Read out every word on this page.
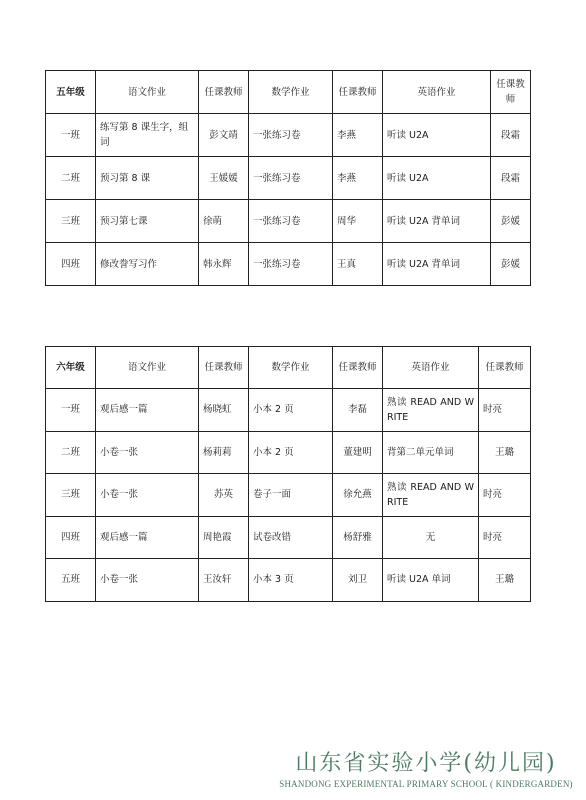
五年级	语文作业	任课教师	数学作业	任课教师	英语作业	任课教师
一班	练写第 8 课生字，组词	彭文靖	一张练习卷	李燕	听读 U2A	段霜
二班	预习第 8 课	王媛媛	一张练习卷	李燕	听读 U2A	段霜
三班	预习第七课	徐萌	一张练习卷	周华	听读 U2A 背单词	彭媛
四班	修改誊写习作	韩永辉	一张练习卷	王真	听读 U2A 背单词	彭媛
六年级	语文作业	任课教师	数学作业	任课教师	英语作业	任课教师
一班	观后感一篇	杨晓虹	小本 2 页	李磊	熟读 READ AND WRITE	时亮
二班	小卷一张	杨莉莉	小本 2 页	董建明	背第二单元单词	王璐
三班	小卷一张	苏英	卷子一面	徐允燕	熟读 READ AND WRITE	时亮
四班	观后感一篇	周艳霞	试卷改错	杨舒雅	无	时亮
五班	小卷一张	王汝轩	小本 3 页	刘卫	听读 U2A 单词	王璐
山东省实验小学(幼儿园)
SHANDONG EXPERIMENTAL PRIMARY SCHOOL ( KINDERGARDEN)
